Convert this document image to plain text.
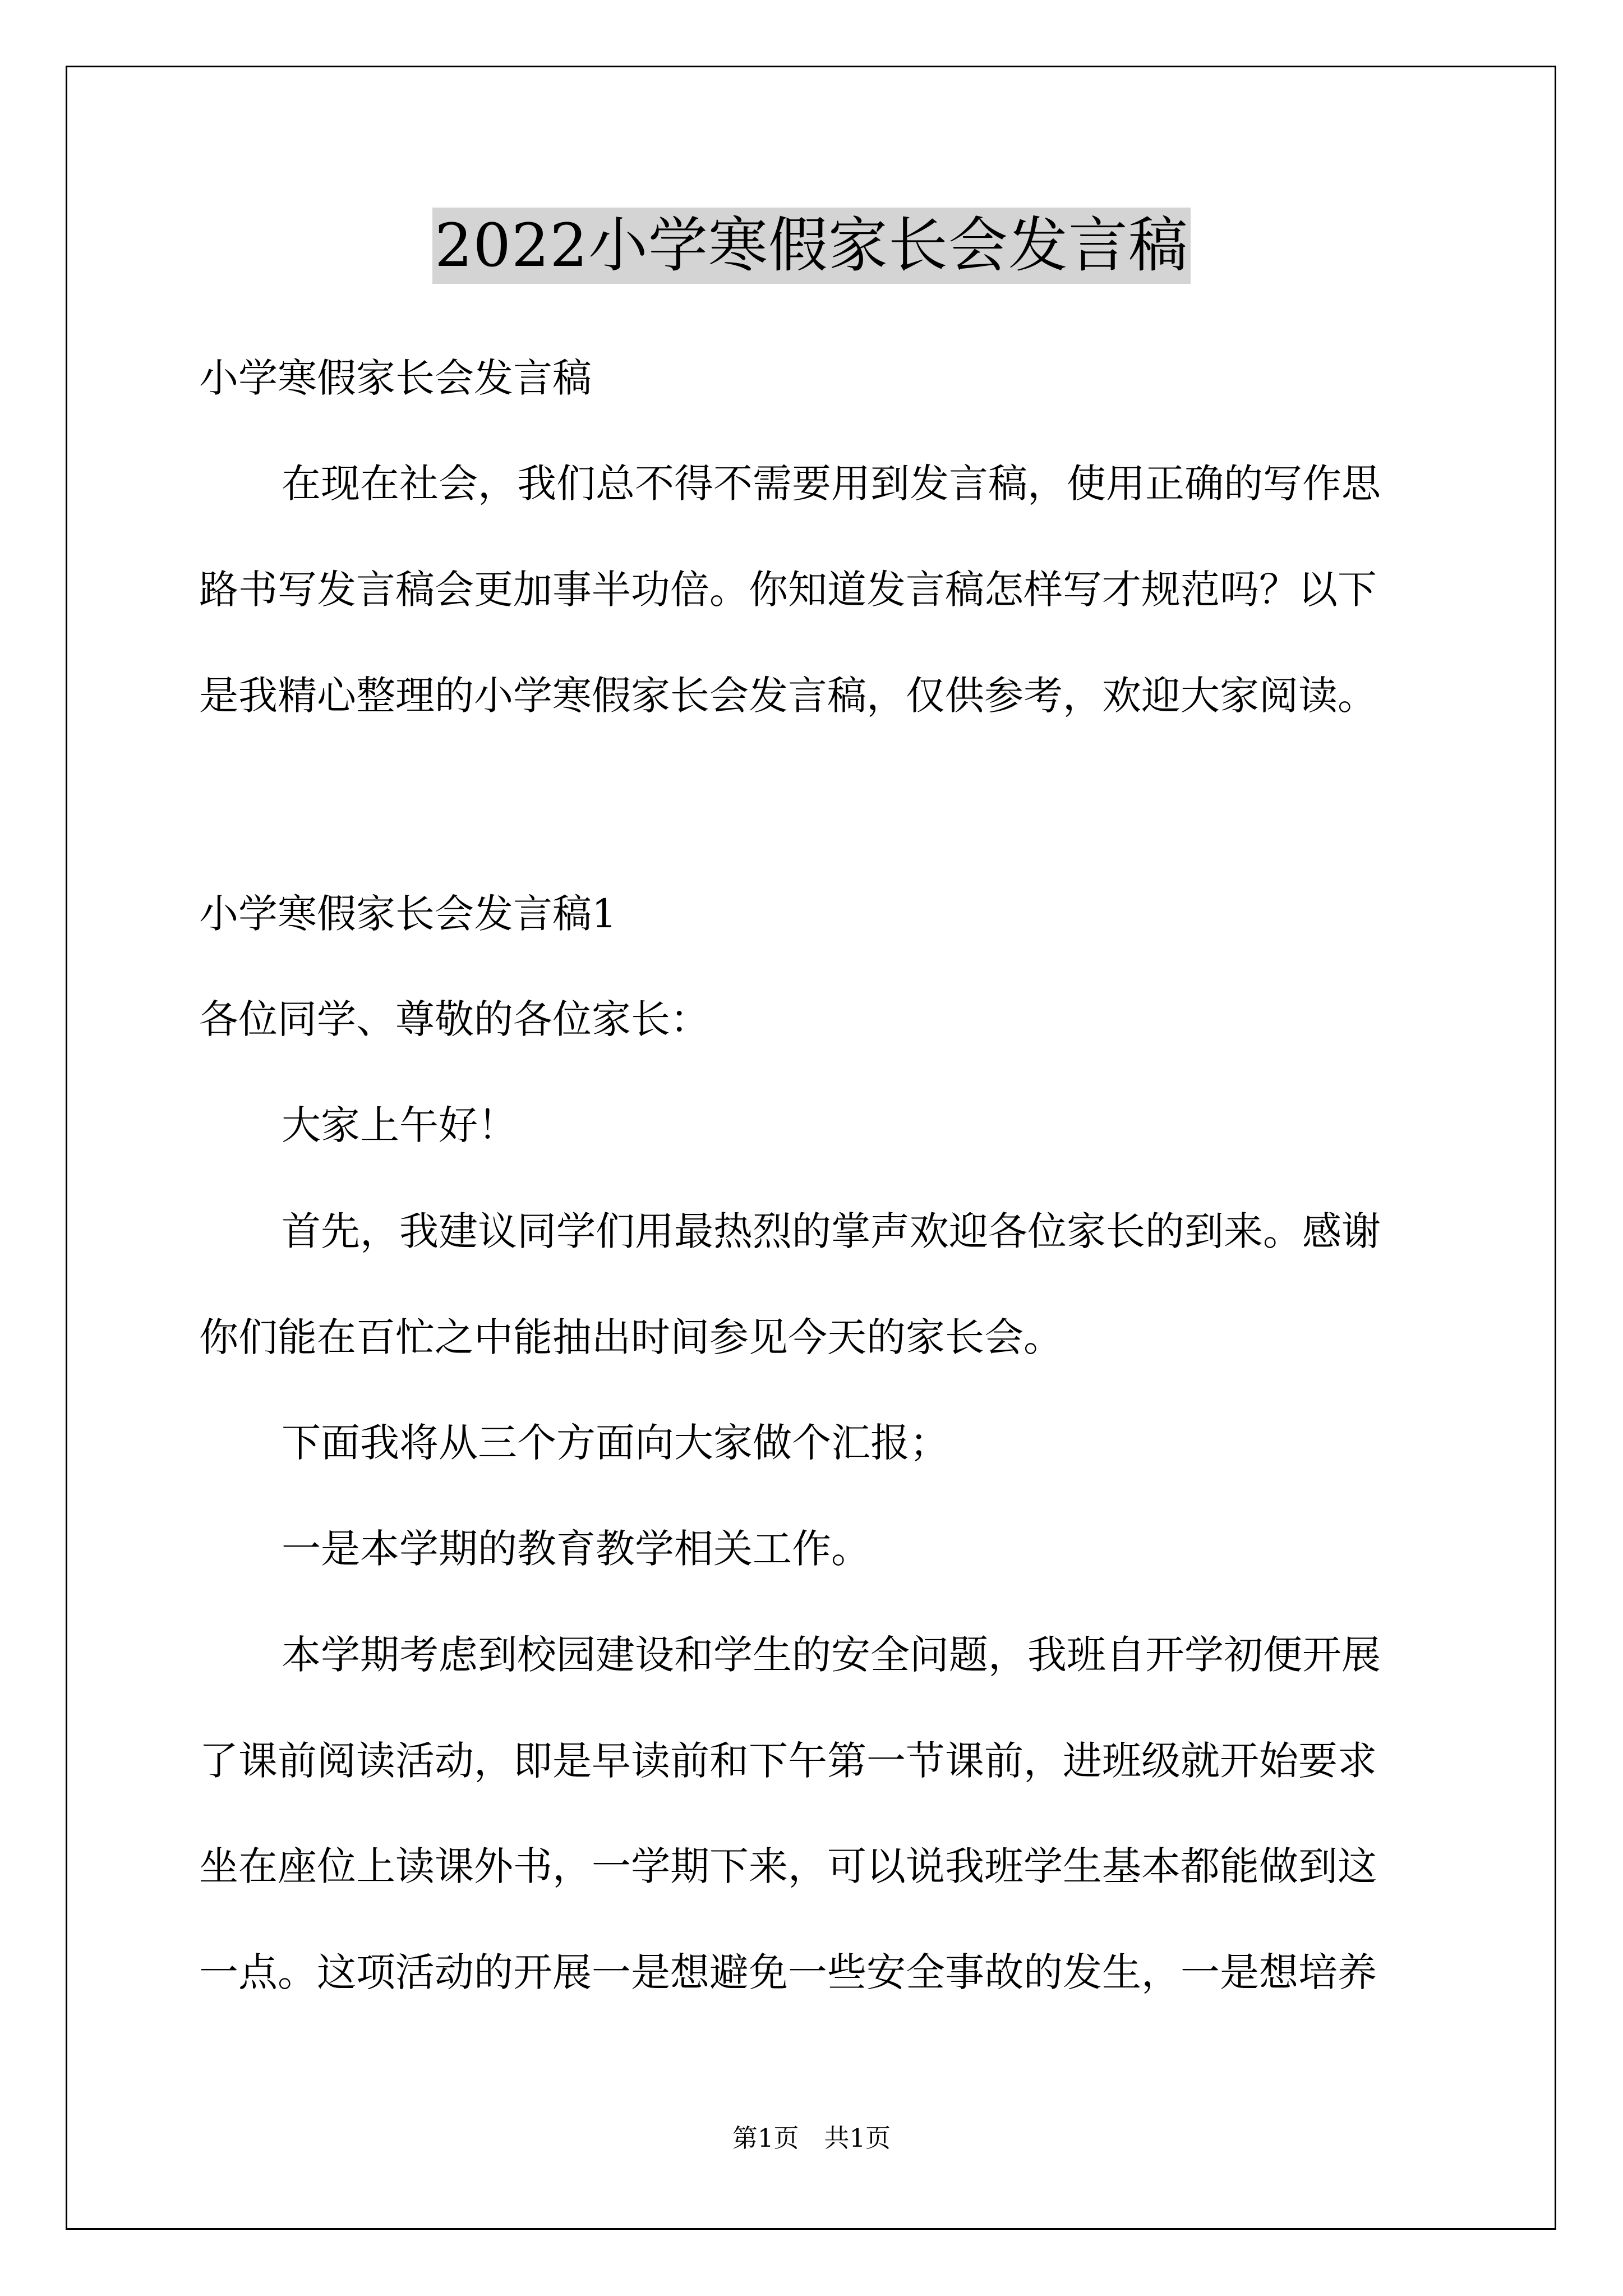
2022小学寒假家长会发言稿
小学寒假家长会发言稿
在现在社会，我们总不得不需要用到发言稿，使用正确的写作思
路书写发言稿会更加事半功倍。你知道发言稿怎样写才规范吗？以下
是我精心整理的小学寒假家长会发言稿，仅供参考，欢迎大家阅读。
小学寒假家长会发言稿1
各位同学、尊敬的各位家长：
大家上午好！
首先，我建议同学们用最热烈的掌声欢迎各位家长的到来。感谢
你们能在百忙之中能抽出时间参见今天的家长会。
下面我将从三个方面向大家做个汇报；
一是本学期的教育教学相关工作。
本学期考虑到校园建设和学生的安全问题，我班自开学初便开展
了课前阅读活动，即是早读前和下午第一节课前，进班级就开始要求
坐在座位上读课外书，一学期下来，可以说我班学生基本都能做到这
一点。这项活动的开展一是想避免一些安全事故的发生，一是想培养
第1页　共1页
